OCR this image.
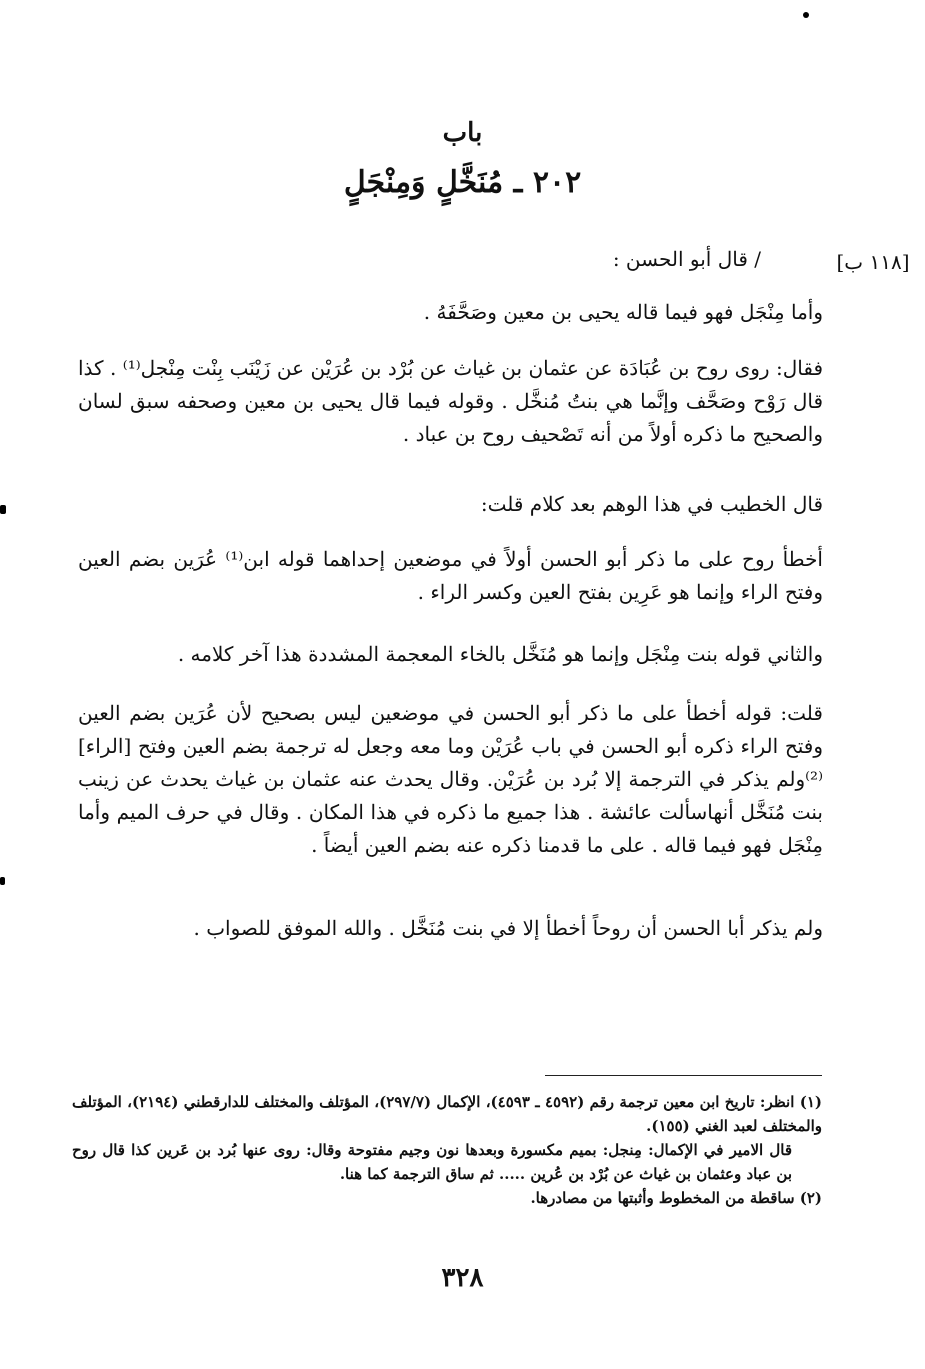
باب
٢٠٢ ـ مُنَخَّلٍ وَمِنْجَلٍ
[١١٨ ب]

/ قال أبو الحسن :

وأما مِنْجَل فهو فيما قاله يحيى بن معين وصَحَّفَهُ .

فقال: روى روح بن عُبَادَة عن عثمان بن غياث عن بُرْد بن عُرَيْن عن زَيْنَب بِنْت مِنْجل⁽¹⁾ . كذا قال رَوْح وصَحَّف وإنَّما هي بنتُ مُنخَّل . وقوله فيما قال يحيى بن معين وصحفه سبق لسان والصحيح ما ذكره أولاً من أنه تَصْحيف روح بن عباد .

قال الخطيب في هذا الوهم بعد كلام قلت:

أخطأ روح على ما ذكر أبو الحسن أولاً في موضعين إحداهما قوله ابن⁽¹⁾ عُرَين بضم العين وفتح الراء وإنما هو عَرِين بفتح العين وكسر الراء .

والثاني قوله بنت مِنْجَل وإنما هو مُنَخَّل بالخاء المعجمة المشددة هذا آخر كلامه .

قلت: قوله أخطأ على ما ذكر أبو الحسن في موضعين ليس بصحيح لأن عُرَين بضم العين وفتح الراء ذكره أبو الحسن في باب عُرَيْن وما معه وجعل له ترجمة بضم العين وفتح [الراء]⁽²⁾ولم يذكر في الترجمة إلا بُرد بن عُرَيْن. وقال يحدث عنه عثمان بن غياث يحدث عن زينب بنت مُنَخَّل أنهاسألت عائشة . هذا جميع ما ذكره في هذا المكان . وقال في حرف الميم وأما مِنْجَل فهو فيما قاله . على ما قدمنا ذكره عنه بضم العين أيضاً .

ولم يذكر أبا الحسن أن روحاً أخطأ إلا في بنت مُنَخَّل . والله الموفق للصواب .

(١) انظر: تاريخ ابن معين ترجمة رقم (٤٥٩٢ ـ ٤٥٩٣)، الإكمال (٢٩٧/٧)، المؤتلف والمختلف للدارقطني (٢١٩٤)، المؤتلف والمختلف لعبد الغني (١٥٥).

قال الامير في الإكمال: مِنجل: بميم مكسورة وبعدها نون وجيم مفتوحة وقال: روى عنها بُرد بن عَرين كذا قال روح بن عباد وعثمان بن غياث عن بُرْد بن عُرين ..... ثم ساق الترجمة كما هنا.

(٢) ساقطة من المخطوط وأثبتها من مصادرها.

٣٢٨
